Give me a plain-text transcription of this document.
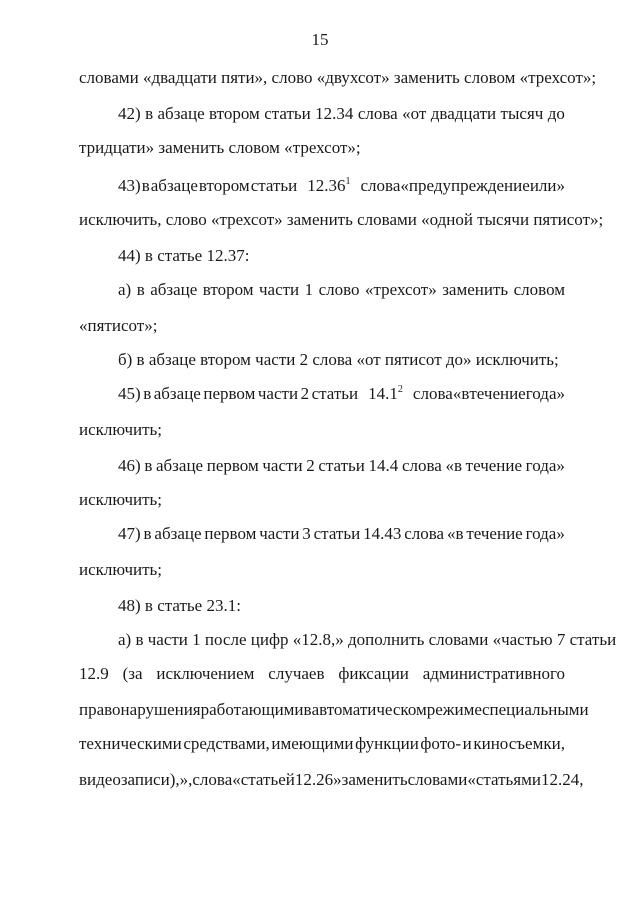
15
словами «двадцати пяти», слово «двухсот» заменить словом «трехсот»;
42) в абзаце втором статьи 12.34 слова «от двадцати тысяч до
тридцати» заменить словом «трехсот»;
43) в абзаце втором статьи 12.36$^1$ слова «предупреждение или»
исключить, слово «трехсот» заменить словами «одной тысячи пятисот»;
44) в статье 12.37:
а) в абзаце втором части 1 слово «трехсот» заменить словом
«пятисот»;
б) в абзаце втором части 2 слова «от пятисот до» исключить;
45) в абзаце первом части 2 статьи 14.1$^2$ слова «в течение года»
исключить;
46) в абзаце первом части 2 статьи 14.4 слова «в течение года»
исключить;
47) в абзаце первом части 3 статьи 14.43 слова «в течение года»
исключить;
48) в статье 23.1:
а) в части 1 после цифр «12.8,» дополнить словами «частью 7 статьи
12.9 (за исключением случаев фиксации административного
правонарушения работающими в автоматическом режиме специальными
техническими средствами, имеющими функции фото- и киносъемки,
видеозаписи),», слова «статьей 12.26» заменить словами «статьями 12.24,
